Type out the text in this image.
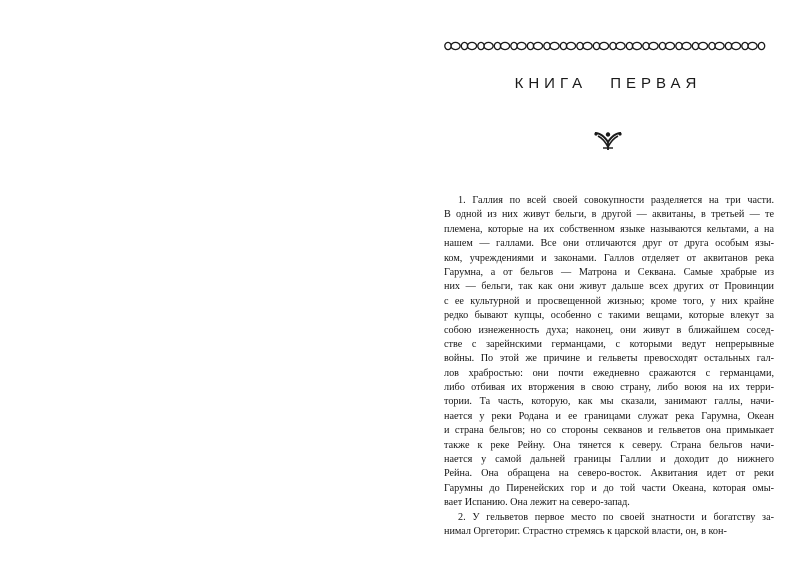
КНИГА ПЕРВАЯ
1. Галлия по всей своей совокупности разделяется на три части.
В одной из них живут бельги, в другой — аквитаны, в третьей — те
племена, которые на их собственном языке называются кельтами, а на
нашем — галлами. Все они отличаются друг от друга особым язы-
ком, учреждениями и законами. Галлов отделяет от аквитанов река
Гарумна, а от бельгов — Матрона и Секвана. Самые храбрые из
них — бельги, так как они живут дальше всех других от Провинции
с ее культурной и просвещенной жизнью; кроме того, у них крайне
редко бывают купцы, особенно с такими вещами, которые влекут за
собою изнеженность духа; наконец, они живут в ближайшем сосед-
стве с зарейнскими германцами, с которыми ведут непрерывные
войны. По этой же причине и гельветы превосходят остальных гал-
лов храбростью: они почти ежедневно сражаются с германцами,
либо отбивая их вторжения в свою страну, либо воюя на их терри-
тории. Та часть, которую, как мы сказали, занимают галлы, начи-
нается у реки Родана и ее границами служат река Гарумна, Океан
и страна бельгов; но со стороны секванов и гельветов она примыкает
также к реке Рейну. Она тянется к северу. Страна бельгов начи-
нается у самой дальней границы Галлии и доходит до нижнего
Рейна. Она обращена на северо-восток. Аквитания идет от реки
Гарумны до Пиренейских гор и до той части Океана, которая омы-
вает Испанию. Она лежит на северо-запад.
2. У гельветов первое место по своей знатности и богатству за-
нимал Оргеториг. Страстно стремясь к царской власти, он, в кон-
